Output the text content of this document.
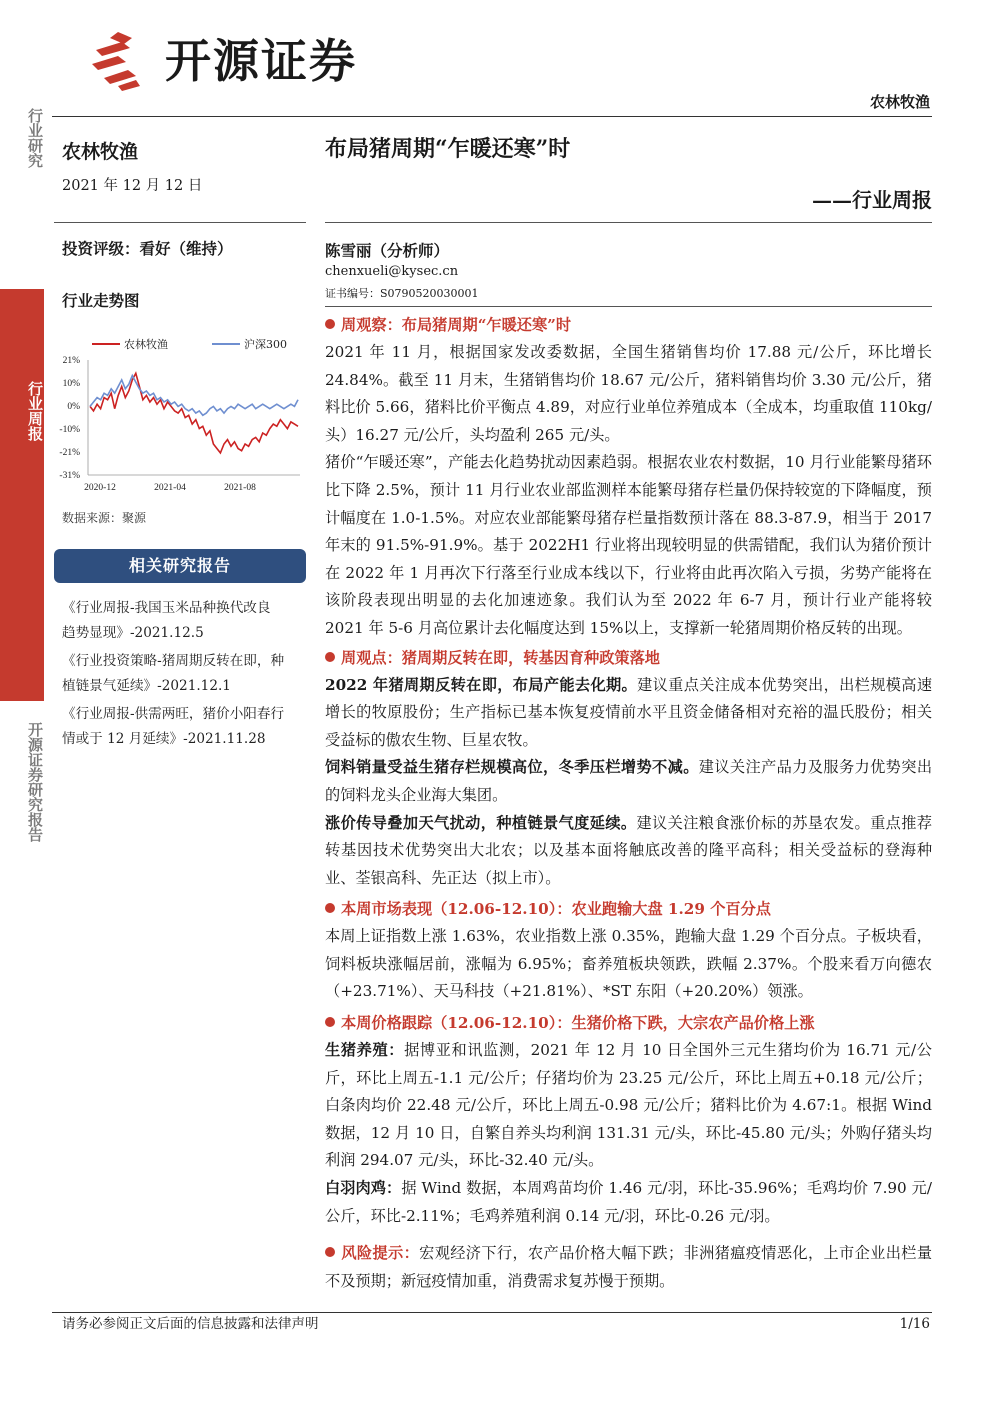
开源证券
农林牧渔
行业研究
行业周报
开源证券研究报告
农林牧渔
2021 年 12 月 12 日
投资评级：看好（维持）
行业走势图
21%
10%
0%
-10%
-21%
-31%
2020-12	2021-04	2021-08
农林牧渔	沪深300
数据来源：聚源
相关研究报告
《行业周报-我国玉米品种换代改良
趋势显现》-2021.12.5
《行业投资策略-猪周期反转在即，种
植链景气延续》-2021.12.1
《行业周报-供需两旺，猪价小阳春行
情或于 12 月延续》-2021.11.28
布局猪周期“乍暖还寒”时
——行业周报
陈雪丽（分析师）
chenxueli@kysec.cn
证书编号：S0790520030001
周观察：布局猪周期“乍暖还寒”时
2021 年 11 月，根据国家发改委数据，全国生猪销售均价 17.88 元/公斤，环比增长 24.84%。截至 11 月末，生猪销售均价 18.67 元/公斤，猪料销售均价 3.30 元/公斤，猪料比价 5.66，猪料比价平衡点 4.89，对应行业单位养殖成本（全成本，均重取值 110kg/头）16.27 元/公斤，头均盈利 265 元/头。
猪价“乍暖还寒”，产能去化趋势扰动因素趋弱。根据农业农村数据，10 月行业能繁母猪环比下降 2.5%，预计 11 月行业农业部监测样本能繁母猪存栏量仍保持较宽的下降幅度，预计幅度在 1.0-1.5%。对应农业部能繁母猪存栏量指数预计落在 88.3-87.9，相当于 2017 年末的 91.5%-91.9%。基于 2022H1 行业将出现较明显的供需错配，我们认为猪价预计在 2022 年 1 月再次下行落至行业成本线以下，行业将由此再次陷入亏损，劣势产能将在该阶段表现出明显的去化加速迹象。我们认为至 2022 年 6-7 月，预计行业产能将较 2021 年 5-6 月高位累计去化幅度达到 15%以上，支撑新一轮猪周期价格反转的出现。
周观点：猪周期反转在即，转基因育种政策落地
2022 年猪周期反转在即，布局产能去化期。建议重点关注成本优势突出，出栏规模高速增长的牧原股份；生产指标已基本恢复疫情前水平且资金储备相对充裕的温氏股份；相关受益标的傲农生物、巨星农牧。
饲料销量受益生猪存栏规模高位，冬季压栏增势不减。建议关注产品力及服务力优势突出的饲料龙头企业海大集团。
涨价传导叠加天气扰动，种植链景气度延续。建议关注粮食涨价标的苏垦农发。重点推荐转基因技术优势突出大北农；以及基本面将触底改善的隆平高科；相关受益标的登海种业、荃银高科、先正达（拟上市）。
本周市场表现（12.06-12.10）：农业跑输大盘 1.29 个百分点
本周上证指数上涨 1.63%，农业指数上涨 0.35%，跑输大盘 1.29 个百分点。子板块看，饲料板块涨幅居前，涨幅为 6.95%；畜养殖板块领跌，跌幅 2.37%。个股来看万向德农（+23.71%）、天马科技（+21.81%）、*ST 东阳（+20.20%）领涨。
本周价格跟踪（12.06-12.10）：生猪价格下跌，大宗农产品价格上涨
生猪养殖：据博亚和讯监测，2021 年 12 月 10 日全国外三元生猪均价为 16.71 元/公斤，环比上周五-1.1 元/公斤；仔猪均价为 23.25 元/公斤，环比上周五+0.18 元/公斤；白条肉均价 22.48 元/公斤，环比上周五-0.98 元/公斤；猪料比价为 4.67:1。根据 Wind 数据，12 月 10 日，自繁自养头均利润 131.31 元/头，环比-45.80 元/头；外购仔猪头均利润 294.07 元/头，环比-32.40 元/头。
白羽肉鸡：据 Wind 数据，本周鸡苗均价 1.46 元/羽，环比-35.96%；毛鸡均价 7.90 元/公斤，环比-2.11%；毛鸡养殖利润 0.14 元/羽，环比-0.26 元/羽。
风险提示：宏观经济下行，农产品价格大幅下跌；非洲猪瘟疫情恶化，上市企业出栏量不及预期；新冠疫情加重，消费需求复苏慢于预期。
请务必参阅正文后面的信息披露和法律声明	1/16
